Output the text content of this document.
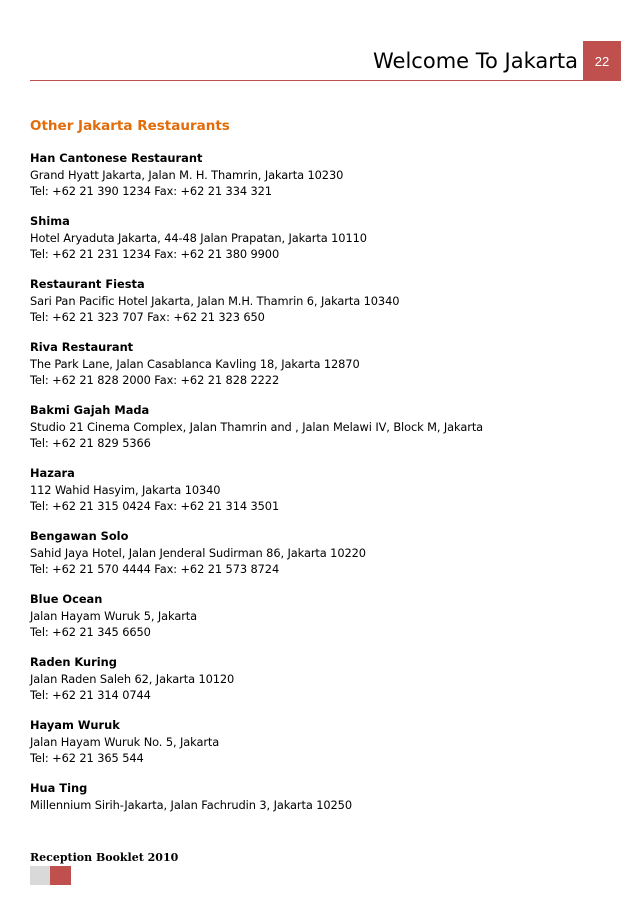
Welcome To Jakarta	22
Other Jakarta Restaurants
Han Cantonese Restaurant
Grand Hyatt Jakarta, Jalan M. H. Thamrin, Jakarta 10230
Tel: +62 21 390 1234 Fax: +62 21 334 321
Shima
Hotel Aryaduta Jakarta, 44-48 Jalan Prapatan, Jakarta 10110
Tel: +62 21 231 1234 Fax: +62 21 380 9900
Restaurant Fiesta
Sari Pan Pacific Hotel Jakarta, Jalan M.H. Thamrin 6, Jakarta 10340
Tel: +62 21 323 707 Fax: +62 21 323 650
Riva Restaurant
The Park Lane, Jalan Casablanca Kavling 18, Jakarta 12870
Tel: +62 21 828 2000 Fax: +62 21 828 2222
Bakmi Gajah Mada
Studio 21 Cinema Complex, Jalan Thamrin and , Jalan Melawi IV, Block M, Jakarta
Tel: +62 21 829 5366
Hazara
112 Wahid Hasyim, Jakarta 10340
Tel: +62 21 315 0424 Fax: +62 21 314 3501
Bengawan Solo
Sahid Jaya Hotel, Jalan Jenderal Sudirman 86, Jakarta 10220
Tel: +62 21 570 4444 Fax: +62 21 573 8724
Blue Ocean
Jalan Hayam Wuruk 5, Jakarta
Tel: +62 21 345 6650
Raden Kuring
Jalan Raden Saleh 62, Jakarta 10120
Tel: +62 21 314 0744
Hayam Wuruk
Jalan Hayam Wuruk No. 5, Jakarta
Tel: +62 21 365 544
Hua Ting
Millennium Sirih-Jakarta, Jalan Fachrudin 3, Jakarta 10250
Reception Booklet 2010
